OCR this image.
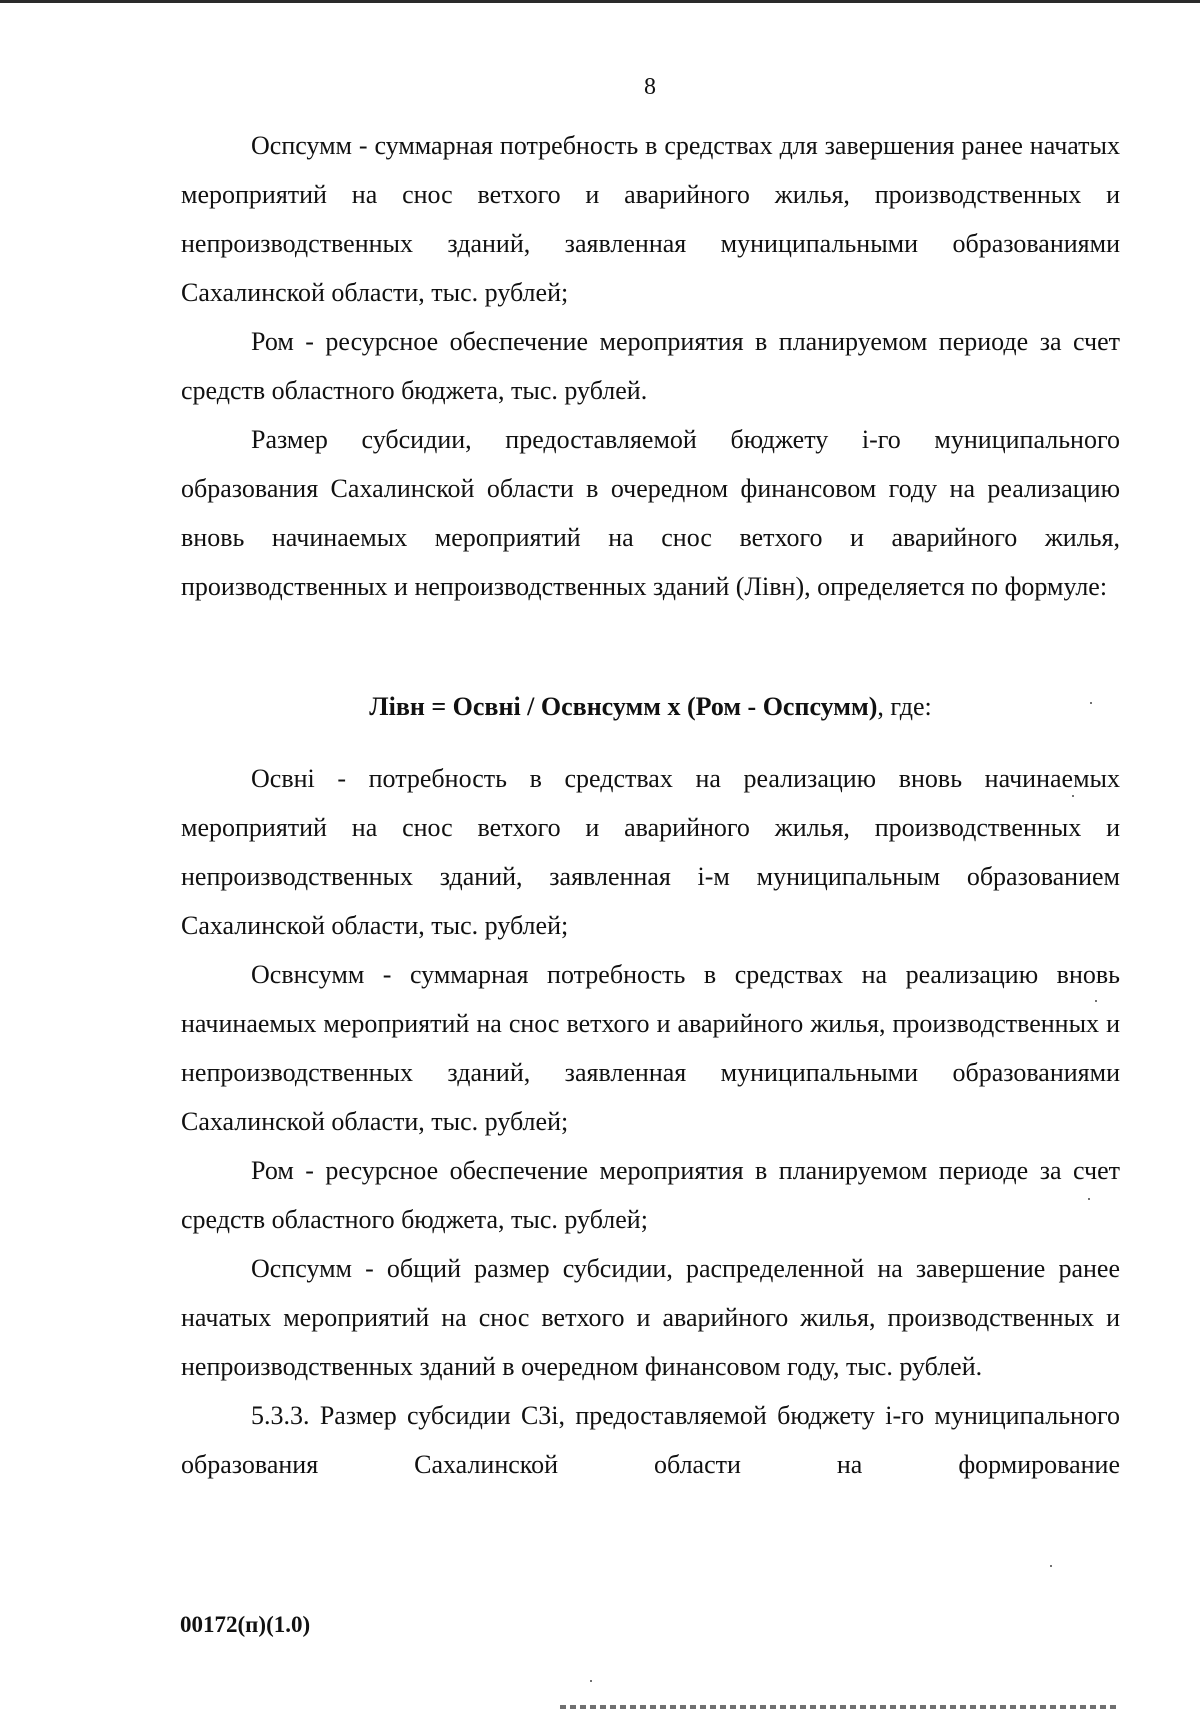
8

Оспсумм - суммарная потребность в средствах для завершения ранее начатых мероприятий на снос ветхого и аварийного жилья, производственных и непроизводственных зданий, заявленная муниципальными образованиями Сахалинской области, тыс. рублей;

Ром - ресурсное обеспечение мероприятия в планируемом периоде за счет средств областного бюджета, тыс. рублей.

Размер субсидии, предоставляемой бюджету i-го муниципального образования Сахалинской области в очередном финансовом году на реализацию вновь начинаемых мероприятий на снос ветхого и аварийного жилья, производственных и непроизводственных зданий (Лiвн), определяется по формуле:

Лiвн = Освнi / Освнсумм х (Ром - Оспсумм), где:

Освнi - потребность в средствах на реализацию вновь начинаемых мероприятий на снос ветхого и аварийного жилья, производственных и непроизводственных зданий, заявленная i-м муниципальным образованием Сахалинской области, тыс. рублей;

Освнсумм - суммарная потребность в средствах на реализацию вновь начинаемых мероприятий на снос ветхого и аварийного жилья, производственных и непроизводственных зданий, заявленная муниципальными образованиями Сахалинской области, тыс. рублей;

Ром - ресурсное обеспечение мероприятия в планируемом периоде за счет средств областного бюджета, тыс. рублей;

Оспсумм - общий размер субсидии, распределенной на завершение ранее начатых мероприятий на снос ветхого и аварийного жилья, производственных и непроизводственных зданий в очередном финансовом году, тыс. рублей.

5.3.3. Размер субсидии С3i, предоставляемой бюджету i-го муниципального образования Сахалинской области на формирование

00172(п)(1.0)
